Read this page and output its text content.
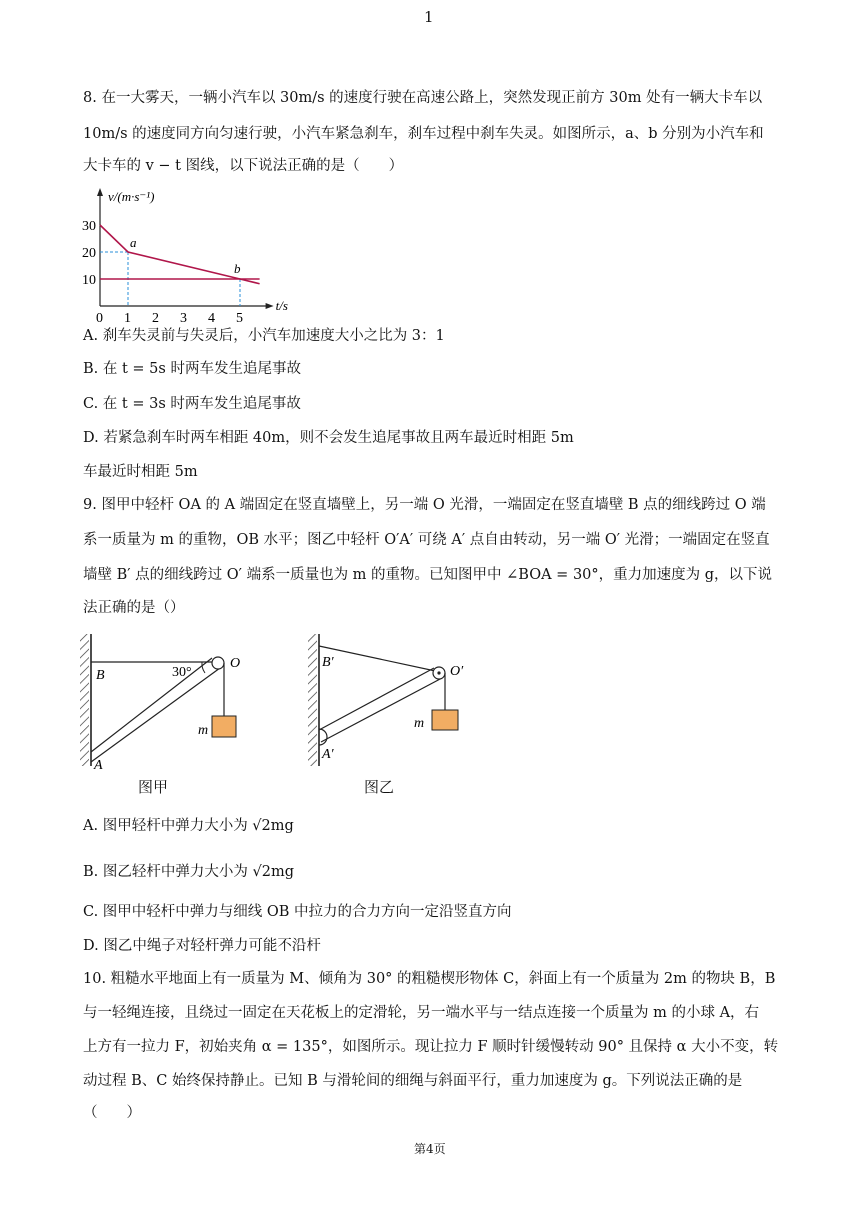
1
8. 在一大雾天，一辆小汽车以 30m/s 的速度行驶在高速公路上，突然发现正前方 30m 处有一辆大卡车以
10m/s 的速度同方向匀速行驶，小汽车紧急刹车，刹车过程中刹车失灵。如图所示，a、b 分别为小汽车和
大卡车的 v − t 图线，以下说法正确的是（　　）
a
b
0 1 2 3 4 5
10
20
30
v/(m·s⁻¹)
t/s
A. 刹车失灵前与失灵后，小汽车加速度大小之比为 3：1
B. 在 t = 5s 时两车发生追尾事故
C. 在 t = 3s 时两车发生追尾事故
D. 若紧急刹车时两车相距 40m，则不会发生追尾事故且两车最近时相距 5m
车最近时相距 5m
9. 图甲中轻杆 OA 的 A 端固定在竖直墙壁上，另一端 O 光滑，一端固定在竖直墙壁 B 点的细线跨过 O 端
系一质量为 m 的重物，OB 水平；图乙中轻杆 O′A′ 可绕 A′ 点自由转动，另一端 O′ 光滑；一端固定在竖直
墙壁 B′ 点的细线跨过 O′ 端系一质量也为 m 的重物。已知图甲中 ∠BOA = 30°，重力加速度为 g，以下说
法正确的是（）
B	30°
O
m
A
图甲
B′
O′
m
A′
图乙
A. 图甲轻杆中弹力大小为 √2mg
B. 图乙轻杆中弹力大小为 √2mg
C. 图甲中轻杆中弹力与细线 OB 中拉力的合力方向一定沿竖直方向
D. 图乙中绳子对轻杆弹力可能不沿杆
10. 粗糙水平地面上有一质量为 M、倾角为 30° 的粗糙楔形物体 C，斜面上有一个质量为 2m 的物块 B，B
与一轻绳连接，且绕过一固定在天花板上的定滑轮，另一端水平与一结点连接一个质量为 m 的小球 A，右
上方有一拉力 F，初始夹角 α = 135°，如图所示。现让拉力 F 顺时针缓慢转动 90° 且保持 α 大小不变，转
动过程 B、C 始终保持静止。已知 B 与滑轮间的细绳与斜面平行，重力加速度为 g。下列说法正确的是
（　　）
第4页
